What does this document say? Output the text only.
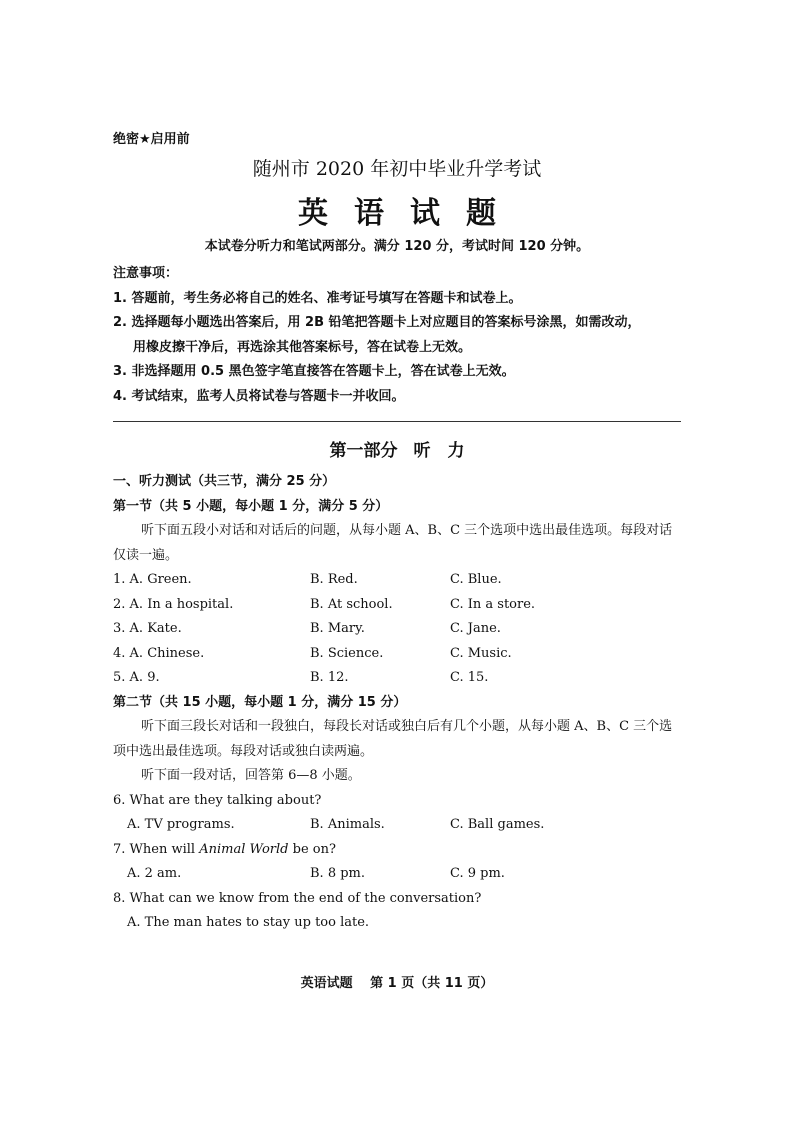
绝密★启用前
随州市 2020 年初中毕业升学考试
英语试题
本试卷分听力和笔试两部分。满分 120 分，考试时间 120 分钟。
注意事项：
1. 答题前，考生务必将自己的姓名、准考证号填写在答题卡和试卷上。
2. 选择题每小题选出答案后，用 2B 铅笔把答题卡上对应题目的答案标号涂黑，如需改动，
用橡皮擦干净后，再选涂其他答案标号，答在试卷上无效。
3. 非选择题用 0.5 黑色签字笔直接答在答题卡上，答在试卷上无效。
4. 考试结束，监考人员将试卷与答题卡一并收回。
第一部分 听　力
一、听力测试（共三节，满分 25 分）
第一节（共 5 小题，每小题 1 分，满分 5 分）
听下面五段小对话和对话后的问题，从每小题 A、B、C 三个选项中选出最佳选项。每段对话仅读一遍。
1. A. Green.	B. Red.	C. Blue.
2. A. In a hospital.	B. At school.	C. In a store.
3. A. Kate.	B. Mary.	C. Jane.
4. A. Chinese.	B. Science.	C. Music.
5. A. 9.	B. 12.	C. 15.
第二节（共 15 小题，每小题 1 分，满分 15 分）
听下面三段长对话和一段独白，每段长对话或独白后有几个小题，从每小题 A、B、C 三个选项中选出最佳选项。每段对话或独白读两遍。
听下面一段对话，回答第 6—8 小题。
6. What are they talking about?
A. TV programs.	B. Animals.	C. Ball games.
7. When will Animal World be on?
A. 2 am.	B. 8 pm.	C. 9 pm.
8. What can we know from the end of the conversation?
A. The man hates to stay up too late.
英语试题　 第 1 页（共 11 页）
